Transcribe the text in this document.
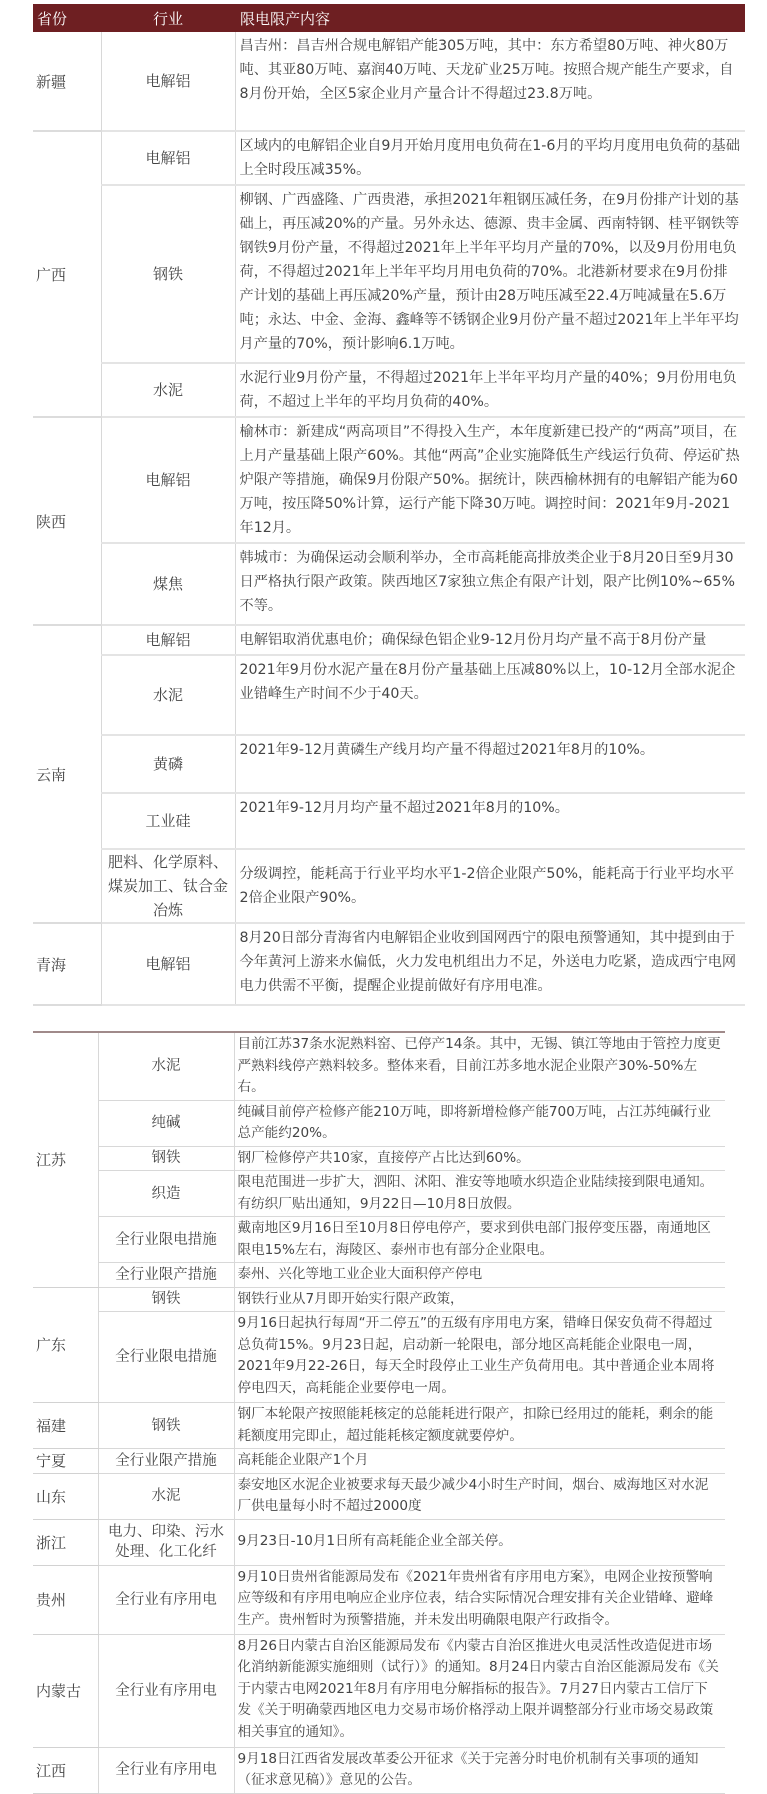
省份	行业	限电限产内容
新疆	电解铝	昌吉州：昌吉州合规电解铝产能305万吨，其中：东方希望80万吨、神火80万吨、其亚80万吨、嘉润40万吨、天龙矿业25万吨。按照合规产能生产要求，自8月份开始，全区5家企业月产量合计不得超过23.8万吨。
广西	电解铝	区域内的电解铝企业自9月开始月度用电负荷在1-6月的平均月度用电负荷的基础上全时段压减35%。
	钢铁	柳钢、广西盛隆、广西贵港，承担2021年粗钢压减任务，在9月份排产计划的基础上，再压减20%的产量。另外永达、德源、贵丰金属、西南特钢、桂平钢铁等钢铁9月份产量，不得超过2021年上半年平均月产量的70%，以及9月份用电负荷，不得超过2021年上半年平均月用电负荷的70%。北港新材要求在9月份排产计划的基础上再压减20%产量，预计由28万吨压减至22.4万吨减量在5.6万吨；永达、中金、金海、鑫峰等不锈钢企业9月份产量不超过2021年上半年平均月产量的70%，预计影响6.1万吨。
	水泥	水泥行业9月份产量，不得超过2021年上半年平均月产量的40%；9月份用电负荷，不超过上半年的平均月负荷的40%。
陕西	电解铝	榆林市：新建成“两高项目”不得投入生产，本年度新建已投产的“两高”项目，在上月产量基础上限产60%。其他“两高”企业实施降低生产线运行负荷、停运矿热炉限产等措施，确保9月份限产50%。据统计，陕西榆林拥有的电解铝产能为60万吨，按压降50%计算，运行产能下降30万吨。调控时间：2021年9月-2021年12月。
	煤焦	韩城市：为确保运动会顺利举办，全市高耗能高排放类企业于8月20日至9月30日严格执行限产政策。陕西地区7家独立焦企有限产计划，限产比例10%~65%不等。
云南	电解铝	电解铝取消优惠电价；确保绿色铝企业9-12月份月均产量不高于8月份产量
	水泥	2021年9月份水泥产量在8月份产量基础上压减80%以上，10-12月全部水泥企业错峰生产时间不少于40天。
	黄磷	2021年9-12月黄磷生产线月均产量不得超过2021年8月的10%。
	工业硅	2021年9-12月月均产量不超过2021年8月的10%。
	肥料、化学原料、煤炭加工、钛合金冶炼	分级调控，能耗高于行业平均水平1-2倍企业限产50%，能耗高于行业平均水平2倍企业限产90%。
青海	电解铝	8月20日部分青海省内电解铝企业收到国网西宁的限电预警通知，其中提到由于今年黄河上游来水偏低，火力发电机组出力不足，外送电力吃紧，造成西宁电网电力供需不平衡，提醒企业提前做好有序用电准。
江苏	水泥	目前江苏37条水泥熟料窑、已停产14条。其中，无锡、镇江等地由于管控力度更严熟料线停产熟料较多。整体来看，目前江苏多地水泥企业限产30%-50%左右。
	纯碱	纯碱目前停产检修产能210万吨，即将新增检修产能700万吨，占江苏纯碱行业总产能约20%。
	钢铁	钢厂检修停产共10家，直接停产占比达到60%。
	织造	限电范围进一步扩大，泗阳、沭阳、淮安等地喷水织造企业陆续接到限电通知。有纺织厂贴出通知，9月22日—10月8日放假。
	全行业限电措施	戴南地区9月16日至10月8日停电停产，要求到供电部门报停变压器，南通地区限电15%左右，海陵区、泰州市也有部分企业限电。
	全行业限产措施	泰州、兴化等地工业企业大面积停产停电
广东	钢铁	钢铁行业从7月即开始实行限产政策，
	全行业限电措施	9月16日起执行每周“开二停五”的五级有序用电方案，错峰日保安负荷不得超过总负荷15%。9月23日起，启动新一轮限电，部分地区高耗能企业限电一周，2021年9月22-26日，每天全时段停止工业生产负荷用电。其中普通企业本周将停电四天，高耗能企业要停电一周。
福建	钢铁	钢厂本轮限产按照能耗核定的总能耗进行限产，扣除已经用过的能耗，剩余的能耗额度用完即止，超过能耗核定额度就要停炉。
宁夏	全行业限产措施	高耗能企业限产1个月
山东	水泥	泰安地区水泥企业被要求每天最少减少4小时生产时间，烟台、威海地区对水泥厂供电量每小时不超过2000度
浙江	电力、印染、污水处理、化工化纤	9月23日-10月1日所有高耗能企业全部关停。
贵州	全行业有序用电	9月10日贵州省能源局发布《2021年贵州省有序用电方案》，电网企业按预警响应等级和有序用电响应企业序位表，结合实际情况合理安排有关企业错峰、避峰生产。贵州暂时为预警措施，并未发出明确限电限产行政指令。
内蒙古	全行业有序用电	8月26日内蒙古自治区能源局发布《内蒙古自治区推进火电灵活性改造促进市场化消纳新能源实施细则（试行）》的通知。8月24日内蒙古自治区能源局发布《关于内蒙古电网2021年8月有序用电分解指标的报告》。7月27日内蒙古工信厅下发《关于明确蒙西地区电力交易市场价格浮动上限并调整部分行业市场交易政策相关事宜的通知》。
江西	全行业有序用电	9月18日江西省发展改革委公开征求《关于完善分时电价机制有关事项的通知（征求意见稿）》意见的公告。
